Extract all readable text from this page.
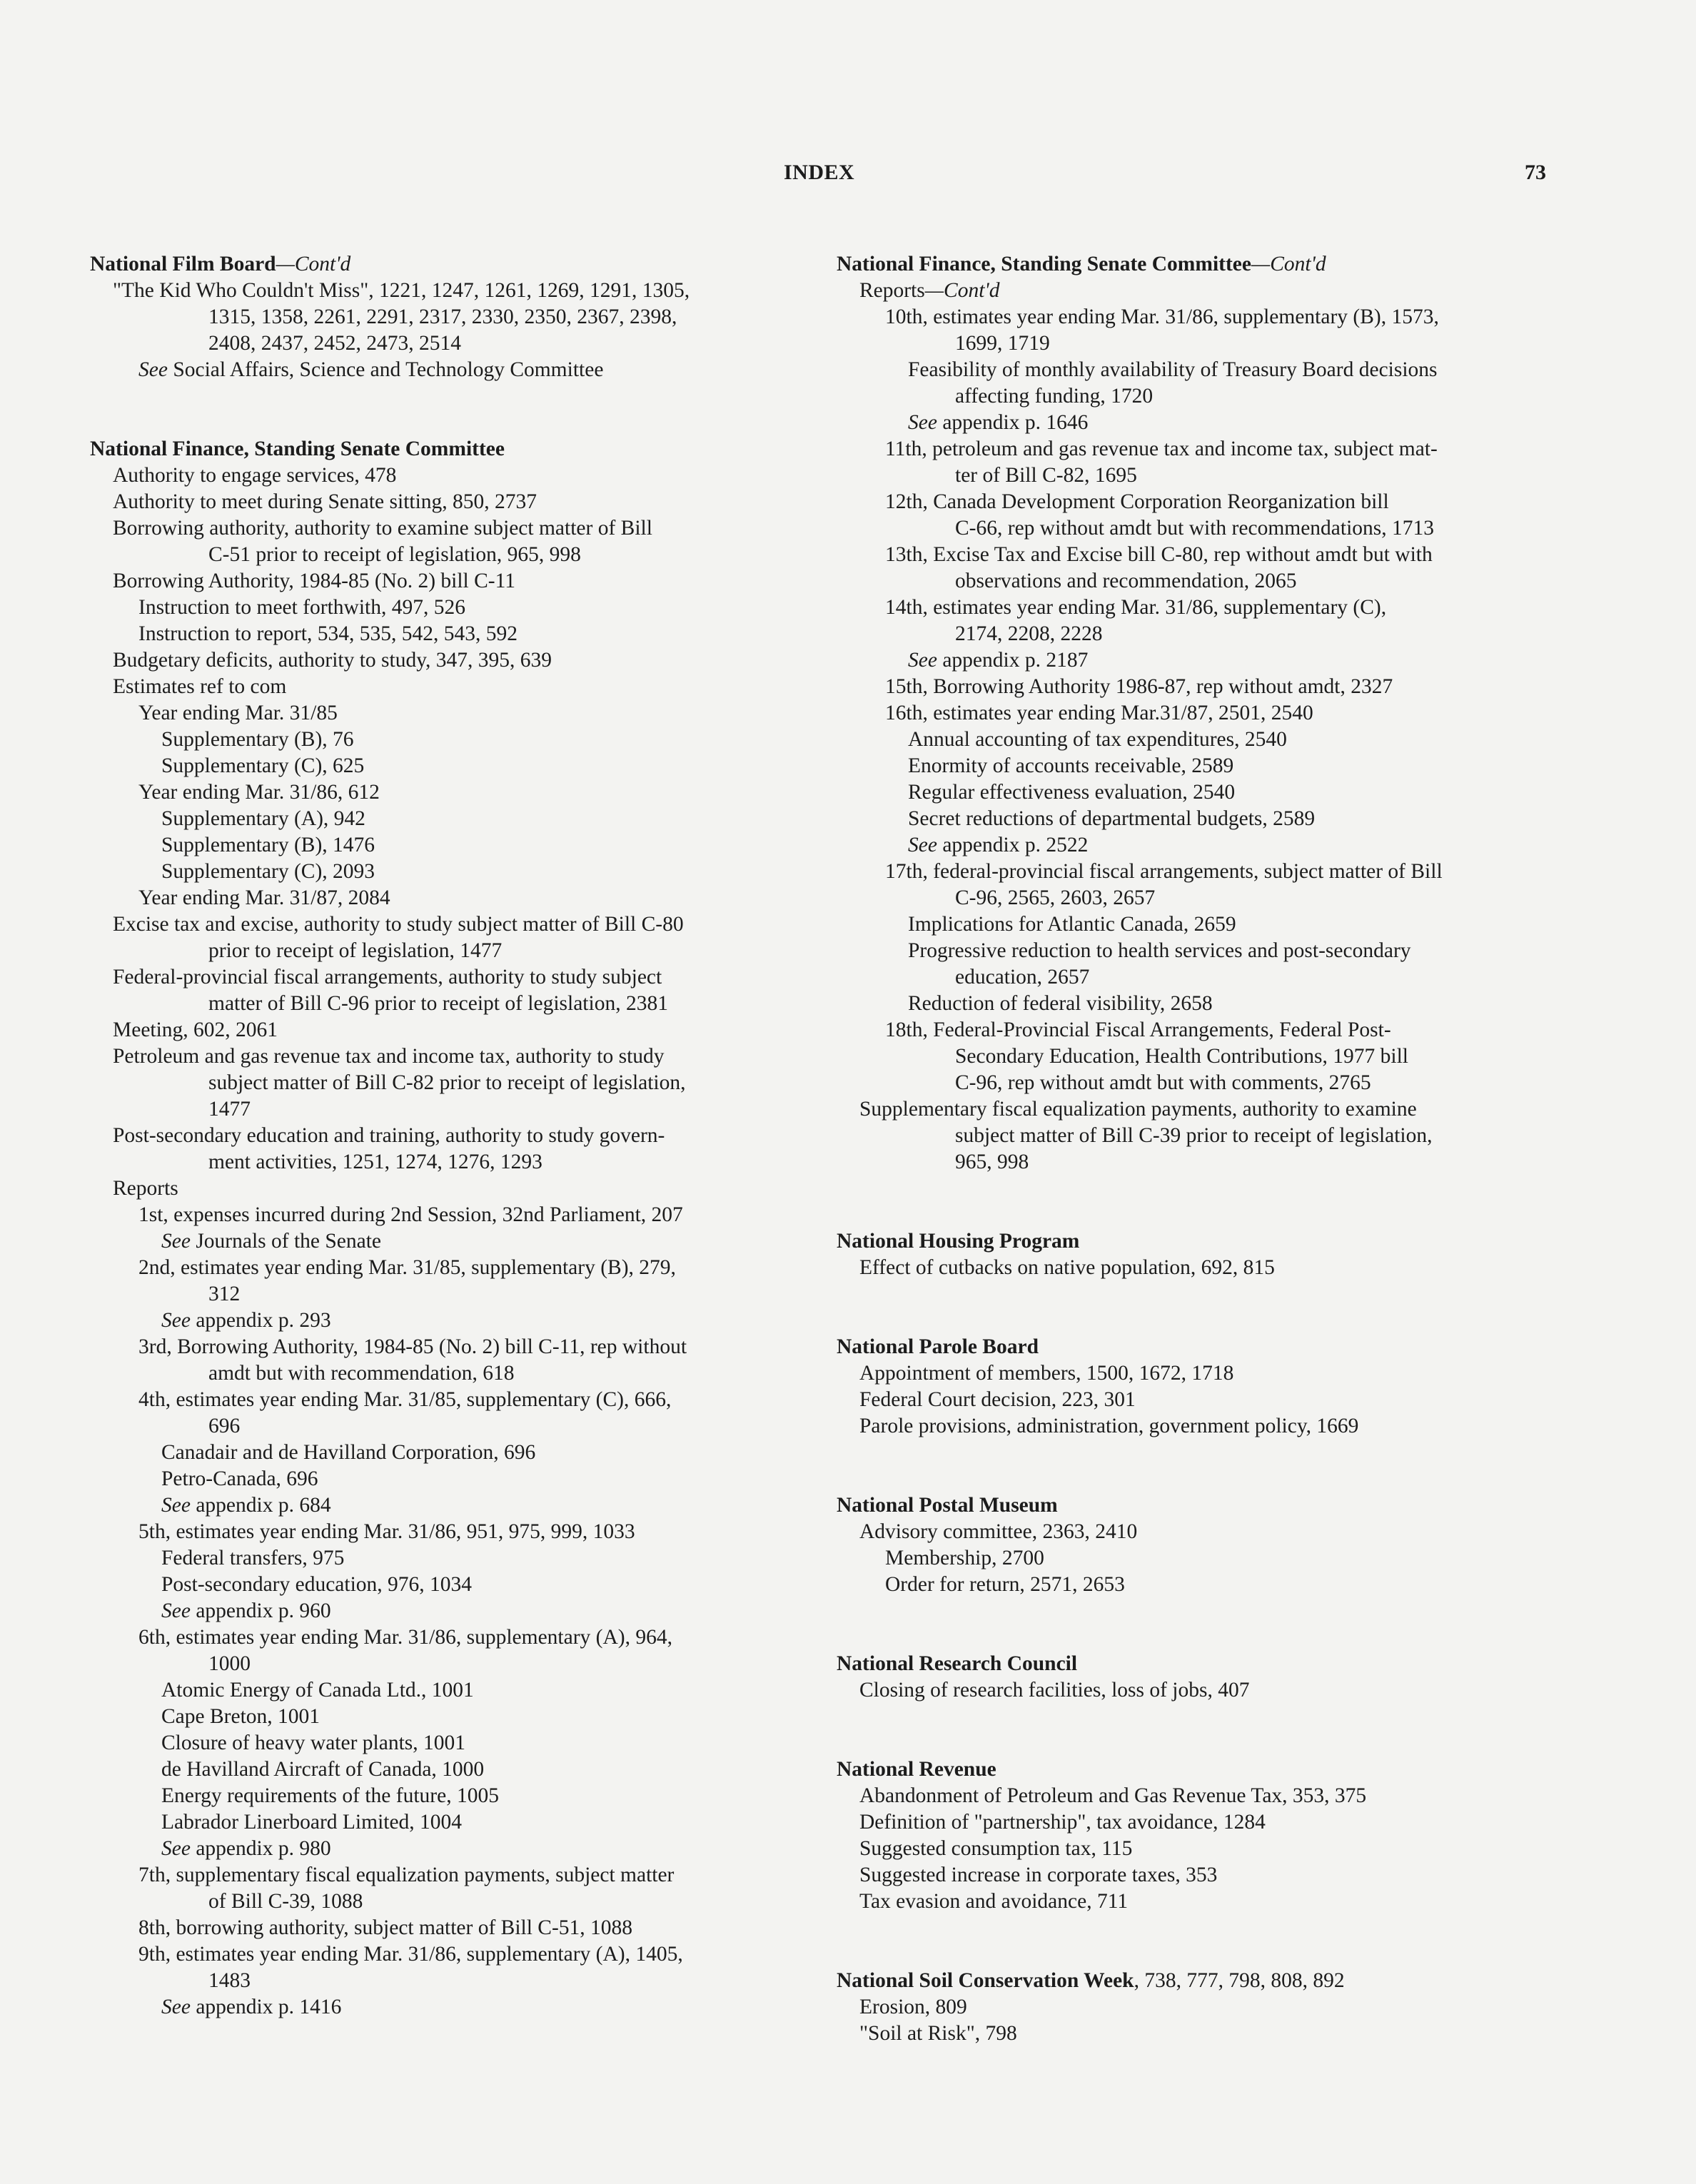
INDEX	73
National Film Board—Cont'd
"The Kid Who Couldn't Miss", 1221, 1247, 1261, 1269, 1291, 1305,
1315, 1358, 2261, 2291, 2317, 2330, 2350, 2367, 2398,
2408, 2437, 2452, 2473, 2514
See Social Affairs, Science and Technology Committee
National Finance, Standing Senate Committee
Authority to engage services, 478
Authority to meet during Senate sitting, 850, 2737
Borrowing authority, authority to examine subject matter of Bill
C-51 prior to receipt of legislation, 965, 998
Borrowing Authority, 1984-85 (No. 2) bill C-11
Instruction to meet forthwith, 497, 526
Instruction to report, 534, 535, 542, 543, 592
Budgetary deficits, authority to study, 347, 395, 639
Estimates ref to com
Year ending Mar. 31/85
Supplementary (B), 76
Supplementary (C), 625
Year ending Mar. 31/86, 612
Supplementary (A), 942
Supplementary (B), 1476
Supplementary (C), 2093
Year ending Mar. 31/87, 2084
Excise tax and excise, authority to study subject matter of Bill C-80
prior to receipt of legislation, 1477
Federal-provincial fiscal arrangements, authority to study subject
matter of Bill C-96 prior to receipt of legislation, 2381
Meeting, 602, 2061
Petroleum and gas revenue tax and income tax, authority to study
subject matter of Bill C-82 prior to receipt of legislation,
1477
Post-secondary education and training, authority to study govern-
ment activities, 1251, 1274, 1276, 1293
Reports
1st, expenses incurred during 2nd Session, 32nd Parliament, 207
See Journals of the Senate
2nd, estimates year ending Mar. 31/85, supplementary (B), 279,
312
See appendix p. 293
3rd, Borrowing Authority, 1984-85 (No. 2) bill C-11, rep without
amdt but with recommendation, 618
4th, estimates year ending Mar. 31/85, supplementary (C), 666,
696
Canadair and de Havilland Corporation, 696
Petro-Canada, 696
See appendix p. 684
5th, estimates year ending Mar. 31/86, 951, 975, 999, 1033
Federal transfers, 975
Post-secondary education, 976, 1034
See appendix p. 960
6th, estimates year ending Mar. 31/86, supplementary (A), 964,
1000
Atomic Energy of Canada Ltd., 1001
Cape Breton, 1001
Closure of heavy water plants, 1001
de Havilland Aircraft of Canada, 1000
Energy requirements of the future, 1005
Labrador Linerboard Limited, 1004
See appendix p. 980
7th, supplementary fiscal equalization payments, subject matter
of Bill C-39, 1088
8th, borrowing authority, subject matter of Bill C-51, 1088
9th, estimates year ending Mar. 31/86, supplementary (A), 1405,
1483
See appendix p. 1416
National Finance, Standing Senate Committee—Cont'd
Reports—Cont'd
10th, estimates year ending Mar. 31/86, supplementary (B), 1573,
1699, 1719
Feasibility of monthly availability of Treasury Board decisions
affecting funding, 1720
See appendix p. 1646
11th, petroleum and gas revenue tax and income tax, subject mat-
ter of Bill C-82, 1695
12th, Canada Development Corporation Reorganization bill
C-66, rep without amdt but with recommendations, 1713
13th, Excise Tax and Excise bill C-80, rep without amdt but with
observations and recommendation, 2065
14th, estimates year ending Mar. 31/86, supplementary (C),
2174, 2208, 2228
See appendix p. 2187
15th, Borrowing Authority 1986-87, rep without amdt, 2327
16th, estimates year ending Mar.31/87, 2501, 2540
Annual accounting of tax expenditures, 2540
Enormity of accounts receivable, 2589
Regular effectiveness evaluation, 2540
Secret reductions of departmental budgets, 2589
See appendix p. 2522
17th, federal-provincial fiscal arrangements, subject matter of Bill
C-96, 2565, 2603, 2657
Implications for Atlantic Canada, 2659
Progressive reduction to health services and post-secondary
education, 2657
Reduction of federal visibility, 2658
18th, Federal-Provincial Fiscal Arrangements, Federal Post-
Secondary Education, Health Contributions, 1977 bill
C-96, rep without amdt but with comments, 2765
Supplementary fiscal equalization payments, authority to examine
subject matter of Bill C-39 prior to receipt of legislation,
965, 998
National Housing Program
Effect of cutbacks on native population, 692, 815
National Parole Board
Appointment of members, 1500, 1672, 1718
Federal Court decision, 223, 301
Parole provisions, administration, government policy, 1669
National Postal Museum
Advisory committee, 2363, 2410
Membership, 2700
Order for return, 2571, 2653
National Research Council
Closing of research facilities, loss of jobs, 407
National Revenue
Abandonment of Petroleum and Gas Revenue Tax, 353, 375
Definition of "partnership", tax avoidance, 1284
Suggested consumption tax, 115
Suggested increase in corporate taxes, 353
Tax evasion and avoidance, 711
National Soil Conservation Week, 738, 777, 798, 808, 892
Erosion, 809
"Soil at Risk", 798
